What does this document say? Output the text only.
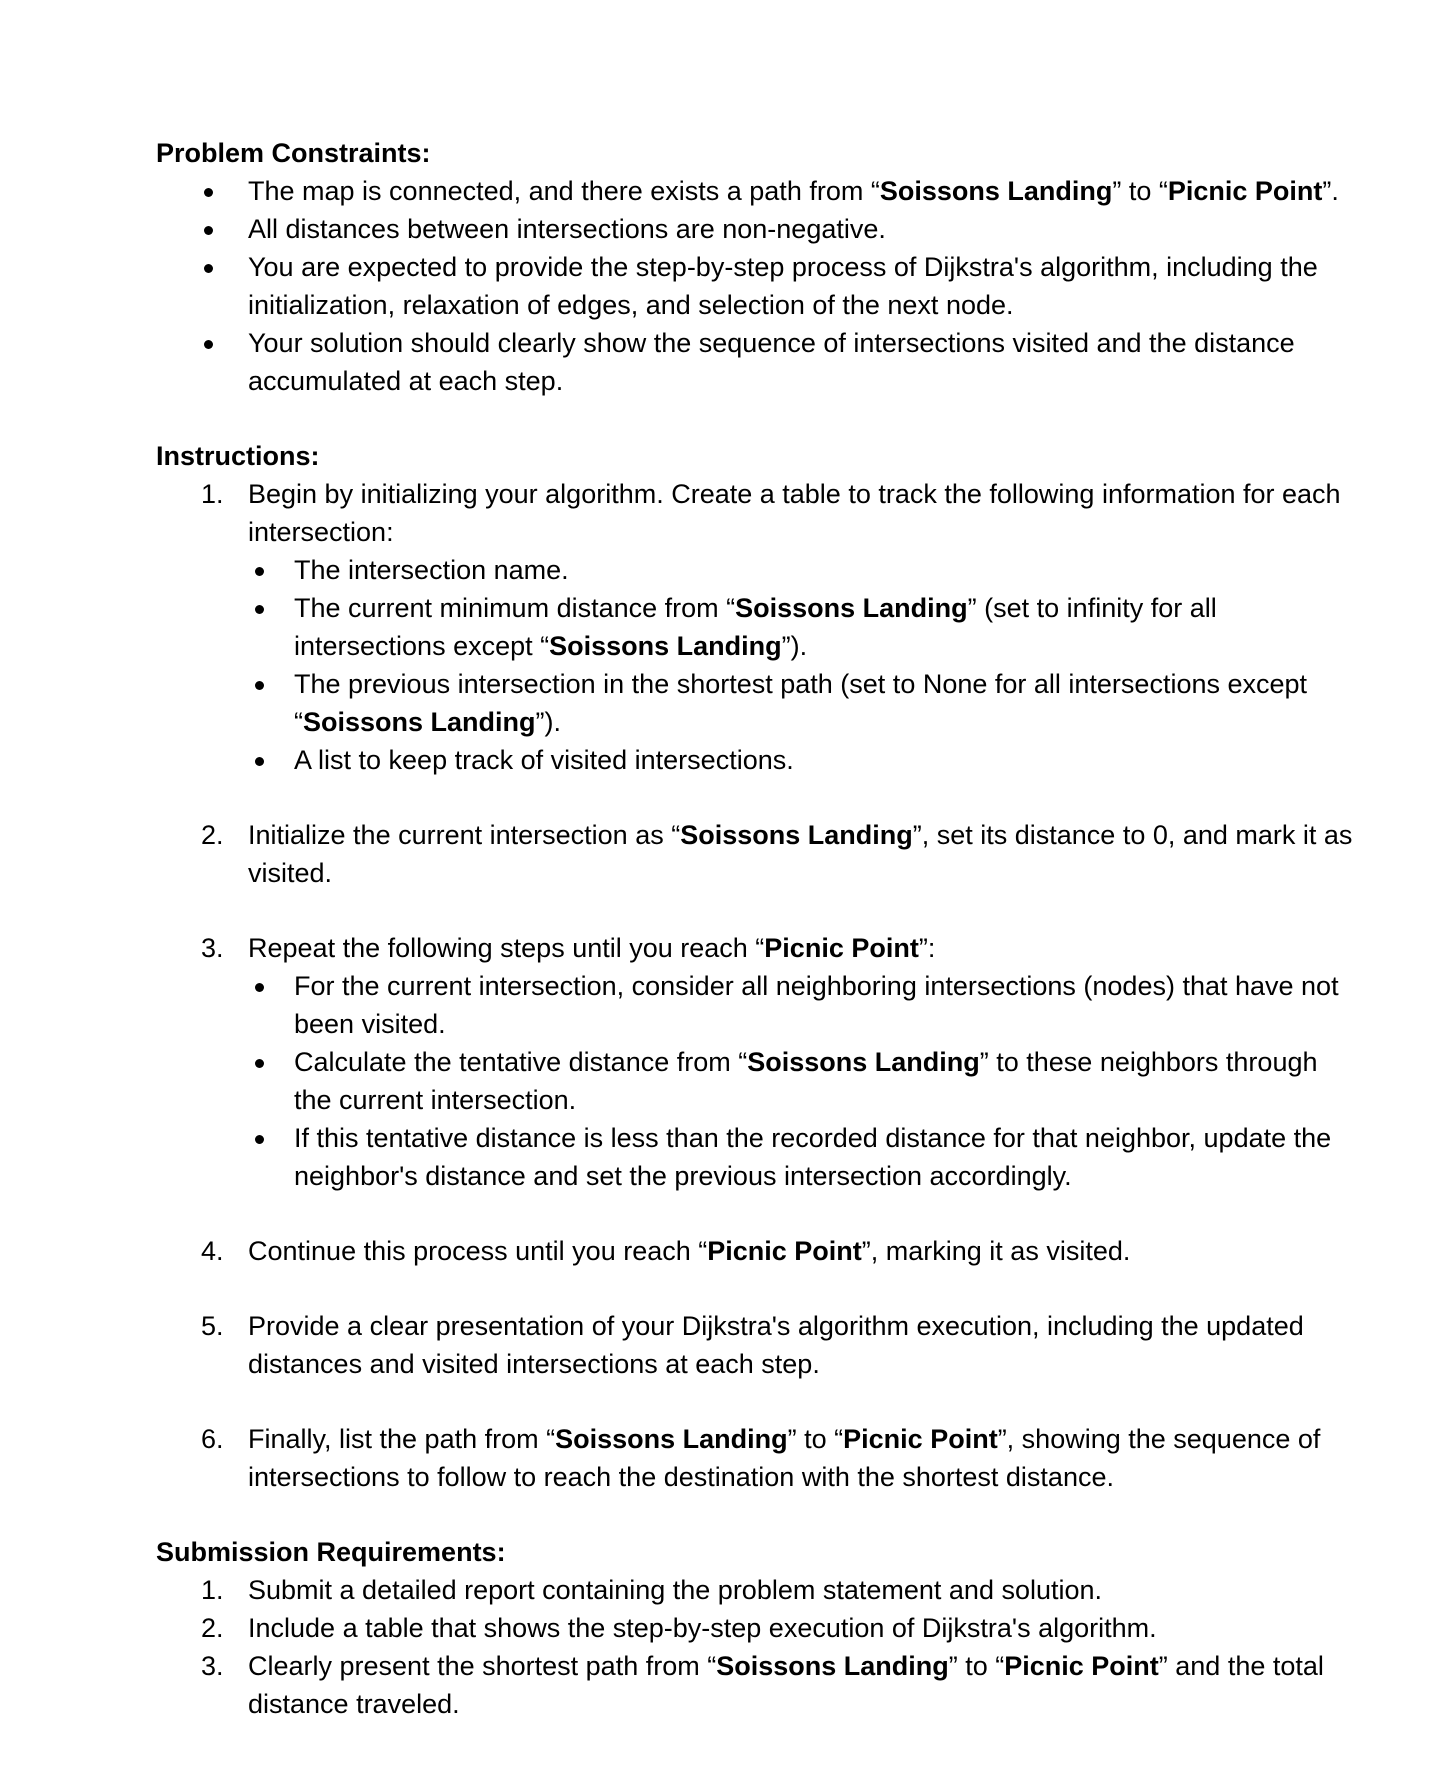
Problem Constraints:

The map is connected, and there exists a path from “Soissons Landing” to “Picnic Point”.
All distances between intersections are non-negative.
You are expected to provide the step-by-step process of Dijkstra's algorithm, including the initialization, relaxation of edges, and selection of the next node.
Your solution should clearly show the sequence of intersections visited and the distance accumulated at each step.

Instructions:

1. Begin by initializing your algorithm. Create a table to track the following information for each intersection:
The intersection name.
The current minimum distance from “Soissons Landing” (set to infinity for all intersections except “Soissons Landing”).
The previous intersection in the shortest path (set to None for all intersections except “Soissons Landing”).
A list to keep track of visited intersections.
2. Initialize the current intersection as “Soissons Landing”, set its distance to 0, and mark it as visited.
3. Repeat the following steps until you reach “Picnic Point”:
For the current intersection, consider all neighboring intersections (nodes) that have not been visited.
Calculate the tentative distance from “Soissons Landing” to these neighbors through the current intersection.
If this tentative distance is less than the recorded distance for that neighbor, update the neighbor's distance and set the previous intersection accordingly.
4. Continue this process until you reach “Picnic Point”, marking it as visited.
5. Provide a clear presentation of your Dijkstra's algorithm execution, including the updated distances and visited intersections at each step.
6. Finally, list the path from “Soissons Landing” to “Picnic Point”, showing the sequence of intersections to follow to reach the destination with the shortest distance.

Submission Requirements:

1. Submit a detailed report containing the problem statement and solution.
2. Include a table that shows the step-by-step execution of Dijkstra's algorithm.
3. Clearly present the shortest path from “Soissons Landing” to “Picnic Point” and the total distance traveled.
